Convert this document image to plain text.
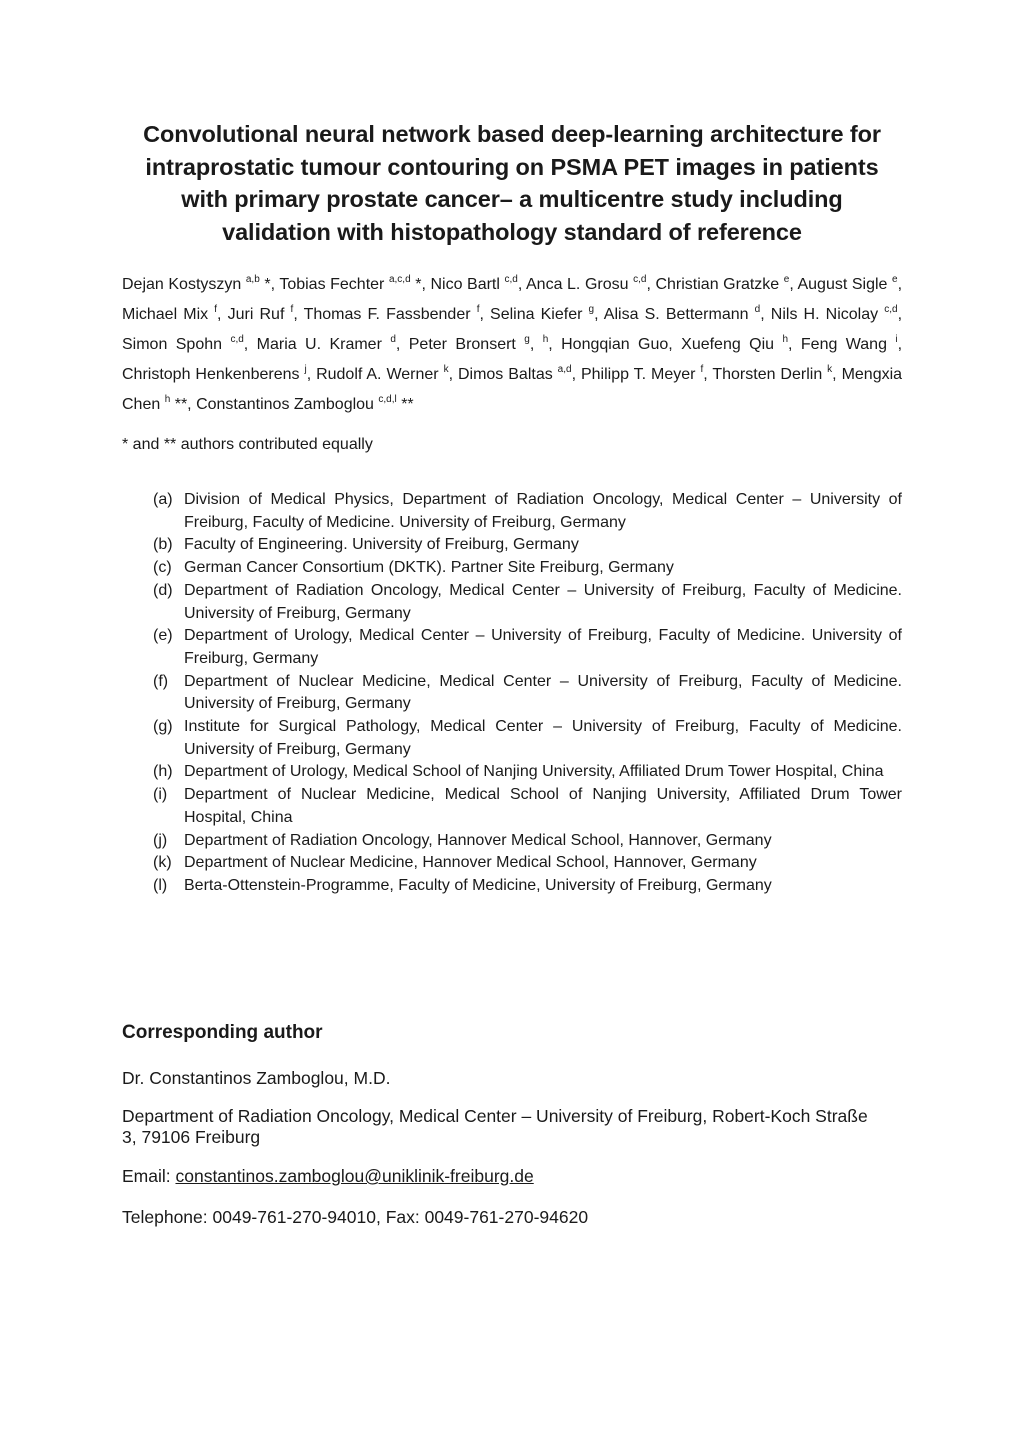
Convolutional neural network based deep-learning architecture for
intraprostatic tumour contouring on PSMA PET images in patients
with primary prostate cancer– a multicentre study including
validation with histopathology standard of reference
Dejan Kostyszyn $^{a,b}$ *, Tobias Fechter $^{a,c,d}$ *, Nico Bartl $^{c,d}$, Anca L. Grosu $^{c,d}$, Christian Gratzke $^e$, August Sigle $^e$, Michael Mix $^f$, Juri Ruf $^f$, Thomas F. Fassbender $^f$, Selina Kiefer $^g$, Alisa S. Bettermann $^d$, Nils H. Nicolay $^{c,d}$, Simon Spohn $^{c,d}$, Maria U. Kramer $^d$, Peter Bronsert $^g$, $^h$, Hongqian Guo, Xuefeng Qiu $^h$, Feng Wang $^i$, Christoph Henkenberens $^j$, Rudolf A. Werner $^k$, Dimos Baltas $^{a,d}$, Philipp T. Meyer $^f$, Thorsten Derlin $^k$, Mengxia Chen $^h$ **, Constantinos Zamboglou $^{c,d,l}$ **
* and ** authors contributed equally
(a) Division of Medical Physics, Department of Radiation Oncology, Medical Center – University of Freiburg, Faculty of Medicine. University of Freiburg, Germany
(b) Faculty of Engineering. University of Freiburg, Germany
(c) German Cancer Consortium (DKTK). Partner Site Freiburg, Germany
(d) Department of Radiation Oncology, Medical Center – University of Freiburg, Faculty of Medicine. University of Freiburg, Germany
(e) Department of Urology, Medical Center – University of Freiburg, Faculty of Medicine. University of Freiburg, Germany
(f) Department of Nuclear Medicine, Medical Center – University of Freiburg, Faculty of Medicine. University of Freiburg, Germany
(g) Institute for Surgical Pathology, Medical Center – University of Freiburg, Faculty of Medicine. University of Freiburg, Germany
(h) Department of Urology, Medical School of Nanjing University, Affiliated Drum Tower Hospital, China
(i)	Department of Nuclear Medicine, Medical School of Nanjing University, Affiliated Drum Tower Hospital, China
(j)	Department of Radiation Oncology, Hannover Medical School, Hannover, Germany
(k) Department of Nuclear Medicine, Hannover Medical School, Hannover, Germany
(l)	Berta-Ottenstein-Programme, Faculty of Medicine, University of Freiburg, Germany
Corresponding author

Dr. Constantinos Zamboglou, M.D.

Department of Radiation Oncology, Medical Center – University of Freiburg, Robert-Koch Straße 3, 79106 Freiburg

Email: constantinos.zamboglou@uniklinik-freiburg.de

Telephone: 0049-761-270-94010, Fax: 0049-761-270-94620
